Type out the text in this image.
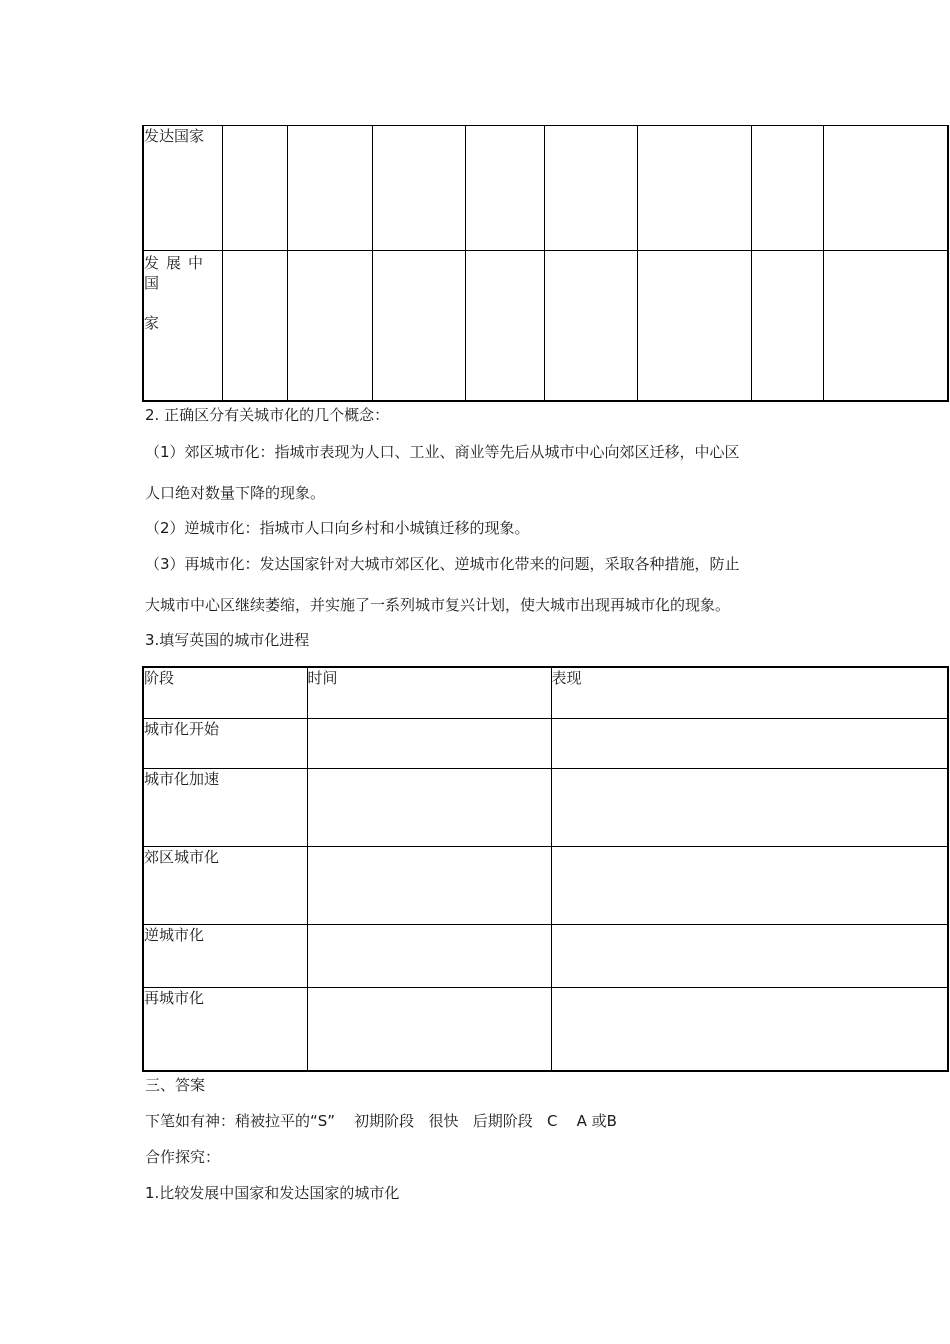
发达国家								

发展中国
家								

2. 正确区分有关城市化的几个概念：
（1）郊区城市化：指城市表现为人口、工业、商业等先后从城市中心向郊区迁移，中心区
人口绝对数量下降的现象。
（2）逆城市化：指城市人口向乡村和小城镇迁移的现象。
（3）再城市化：发达国家针对大城市郊区化、逆城市化带来的问题，采取各种措施，防止
大城市中心区继续萎缩，并实施了一系列城市复兴计划，使大城市出现再城市化的现象。
3.填写英国的城市化进程
阶段	时间	表现
城市化开始		
城市化加速		
郊区城市化		
逆城市化		
再城市化		
三、答案
下笔如有神：稍被拉平的“S”    初期阶段   很快   后期阶段   C    A 或B
合作探究：
1.比较发展中国家和发达国家的城市化
